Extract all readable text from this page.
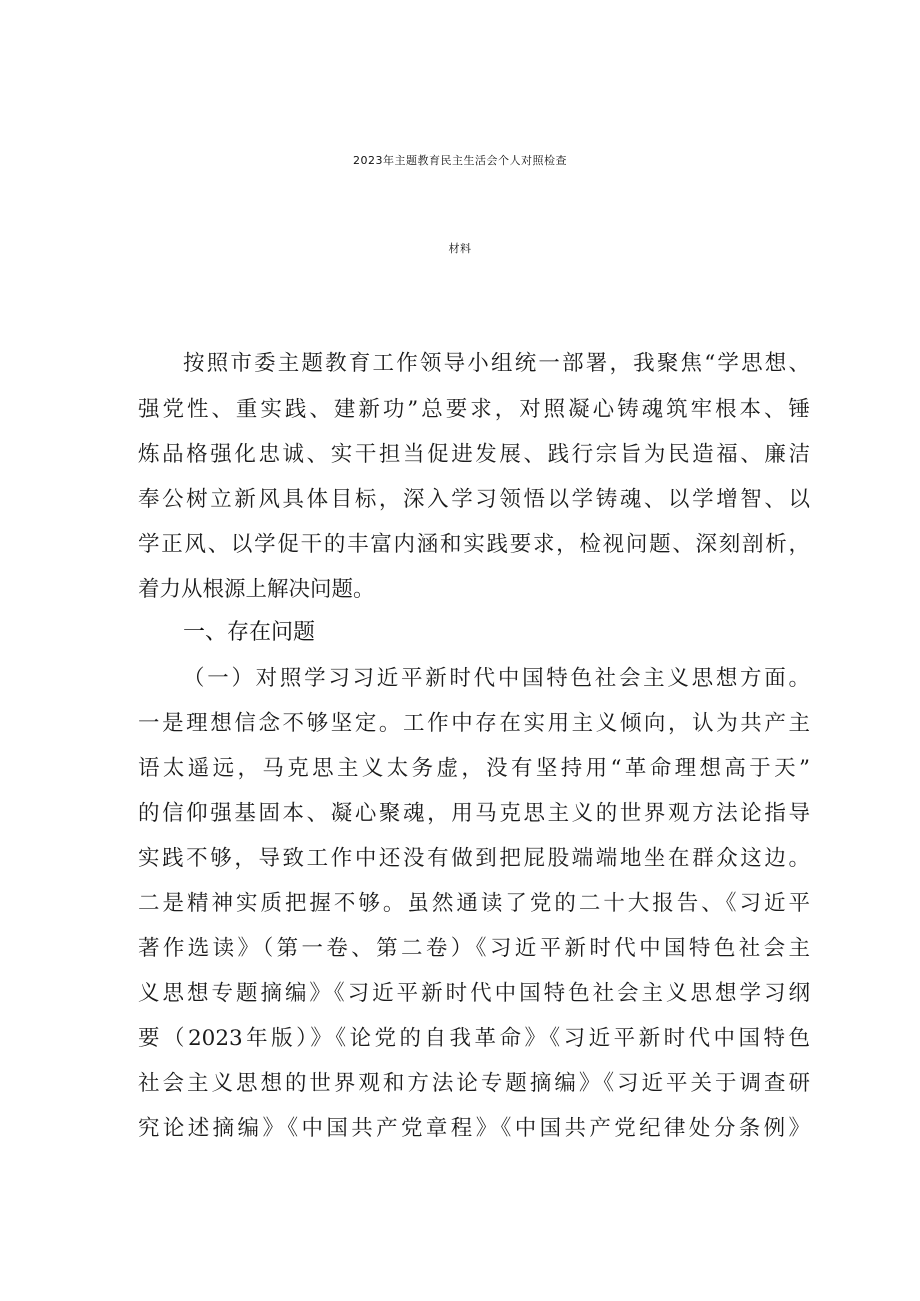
2023年主题教育民主生活会个人对照检查
材料
按照市委主题教育工作领导小组统一部署，我聚焦“学思想、
强党性、重实践、建新功”总要求，对照凝心铸魂筑牢根本、锤
炼品格强化忠诚、实干担当促进发展、践行宗旨为民造福、廉洁
奉公树立新风具体目标，深入学习领悟以学铸魂、以学增智、以
学正风、以学促干的丰富内涵和实践要求，检视问题、深刻剖析，
着力从根源上解决问题。
一、存在问题
（一）对照学习习近平新时代中国特色社会主义思想方面。
一是理想信念不够坚定。工作中存在实用主义倾向，认为共产主
语太遥远，马克思主义太务虚，没有坚持用“革命理想高于天”
的信仰强基固本、凝心聚魂，用马克思主义的世界观方法论指导
实践不够，导致工作中还没有做到把屁股端端地坐在群众这边。
二是精神实质把握不够。虽然通读了党的二十大报告、《习近平
著作选读》（第一卷、第二卷）《习近平新时代中国特色社会主
义思想专题摘编》《习近平新时代中国特色社会主义思想学习纲
要（2023年版）》《论党的自我革命》《习近平新时代中国特色
社会主义思想的世界观和方法论专题摘编》《习近平关于调查研
究论述摘编》《中国共产党章程》《中国共产党纪律处分条例》
